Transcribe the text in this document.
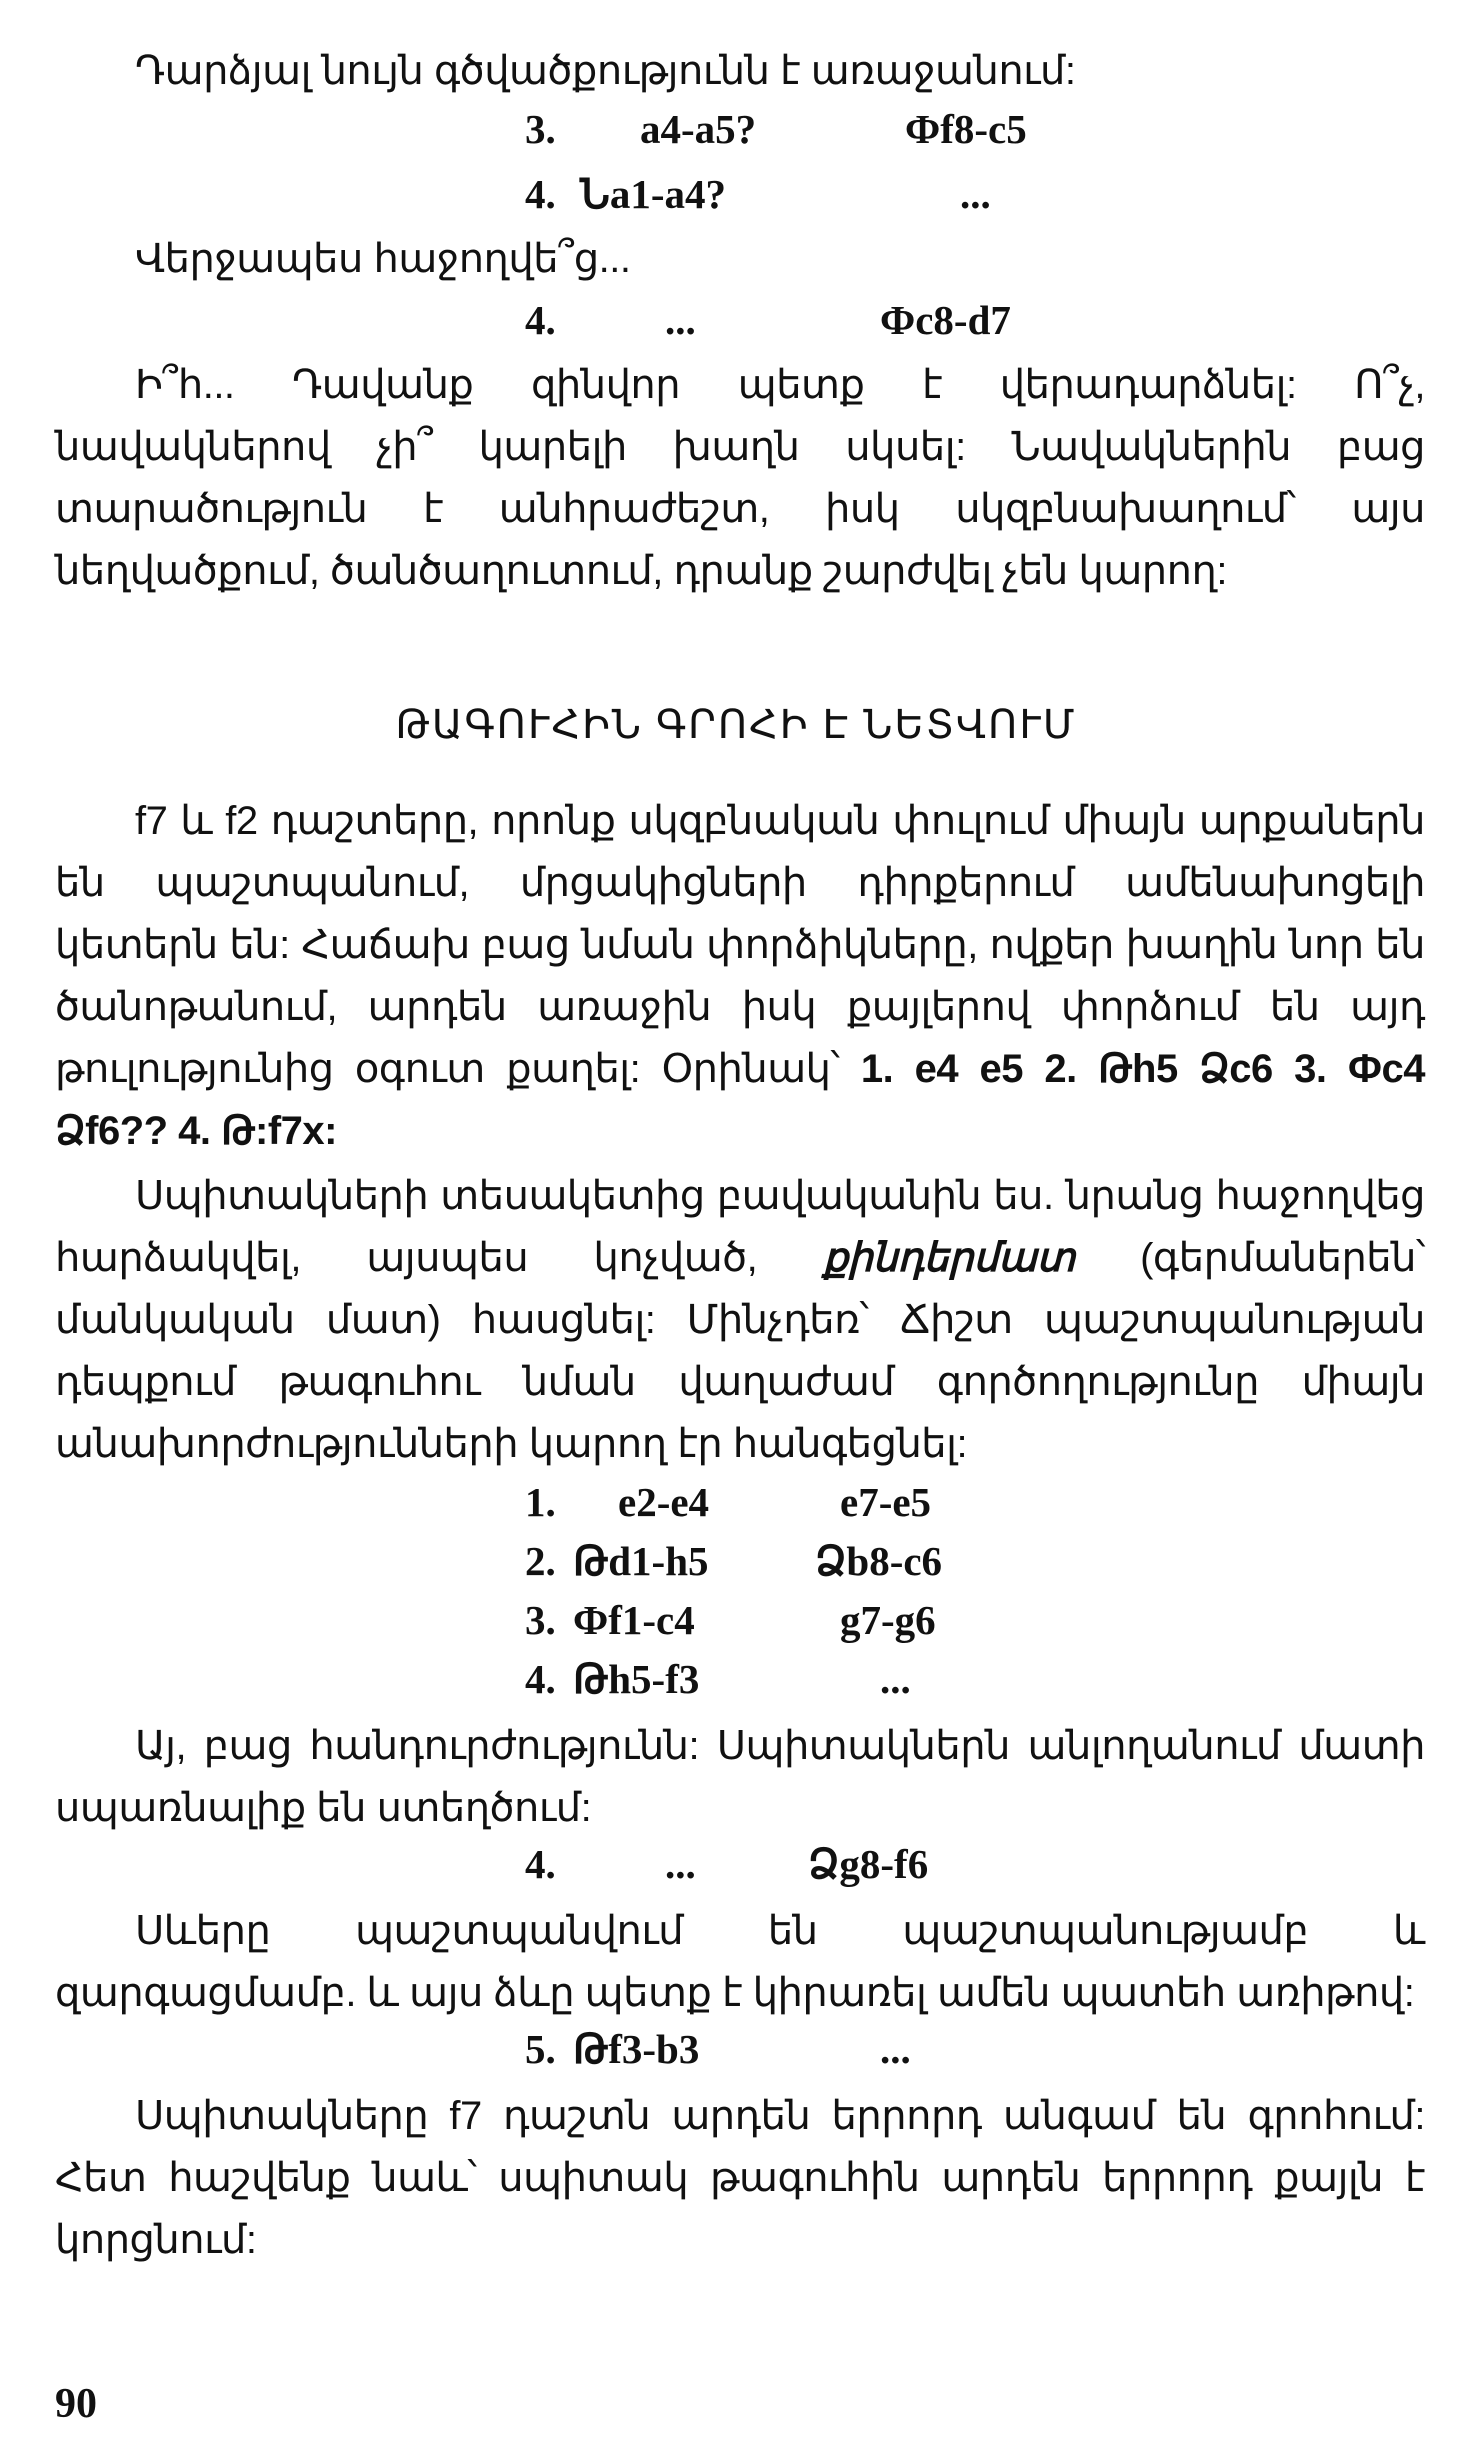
Դարձյալ նույն գծվածքությունն է առաջանում:
3. a4-a5?	Фf8-c5
4. Նa1-a4?	...
Վերջապես հաջողվե՞ց...
4.	...	Фc8-d7
Ի՞հ... Դավանք զինվոր պետք է վերադարձնել: Ո՞չ, նավակներով չի՞ կարելի խաղն սկսել: Նավակներին բաց տարածություն է անհրաժեշտ, իսկ սկզբնախաղում՝ այս նեղվածքում, ծանծաղուտում, դրանք շարժվել չեն կարող:
ԹԱԳՈՒՀԻՆ ԳՐՈՀԻ Է ՆԵՏՎՈՒՄ
f7 և f2 դաշտերը, որոնք սկզբնական փուլում միայն արքաներն են պաշտպանում, մրցակիցների դիրքերում ամենախոցելի կետերն են: Հաճախ բաց նման փորձիկները, ովքեր խաղին նոր են ծանոթանում, արդեն առաջին իսկ քայլերով փորձում են այդ թուլությունից օգուտ քաղել: Օրինակ՝ 1. e4 e5 2. Թh5 Ձc6 3. Фc4 Ձf6?? 4. Թ:f7x:
Սպիտակների տեսակետից բավականին ես. նրանց հաջողվեց հարձակվել, այսպես կոչված, քինդերմատ (գերմաներեն՝ մանկական մատ) հասցնել: Մինչդեռ՝ Ճիշտ պաշտպանության դեպքում թագուհու նման վաղաժամ գործողությունը միայն անախորժությունների կարող էր հանգեցնել:
1. e2-e4	e7-e5
2. Թd1-h5	Ձb8-c6
3. Фf1-c4	g7-g6
4. Թh5-f3	...
Այ, բաց հանդուրժությունն: Սպիտակներն անլողանում մատի սպառնալիք են ստեղծում:
4.	...	Ձg8-f6
Սևերը պաշտպանվում են պաշտպանությամբ և զարգացմամբ. և այս ձևը պետք է կիրառել ամեն պատեհ առիթով:
5. Թf3-b3	...
Սպիտակները f7 դաշտն արդեն երրորդ անգամ են գրոհում: Հետ հաշվենք նաև՝ սպիտակ թագուհին արդեն երրորդ քայլն է կորցնում:
90
